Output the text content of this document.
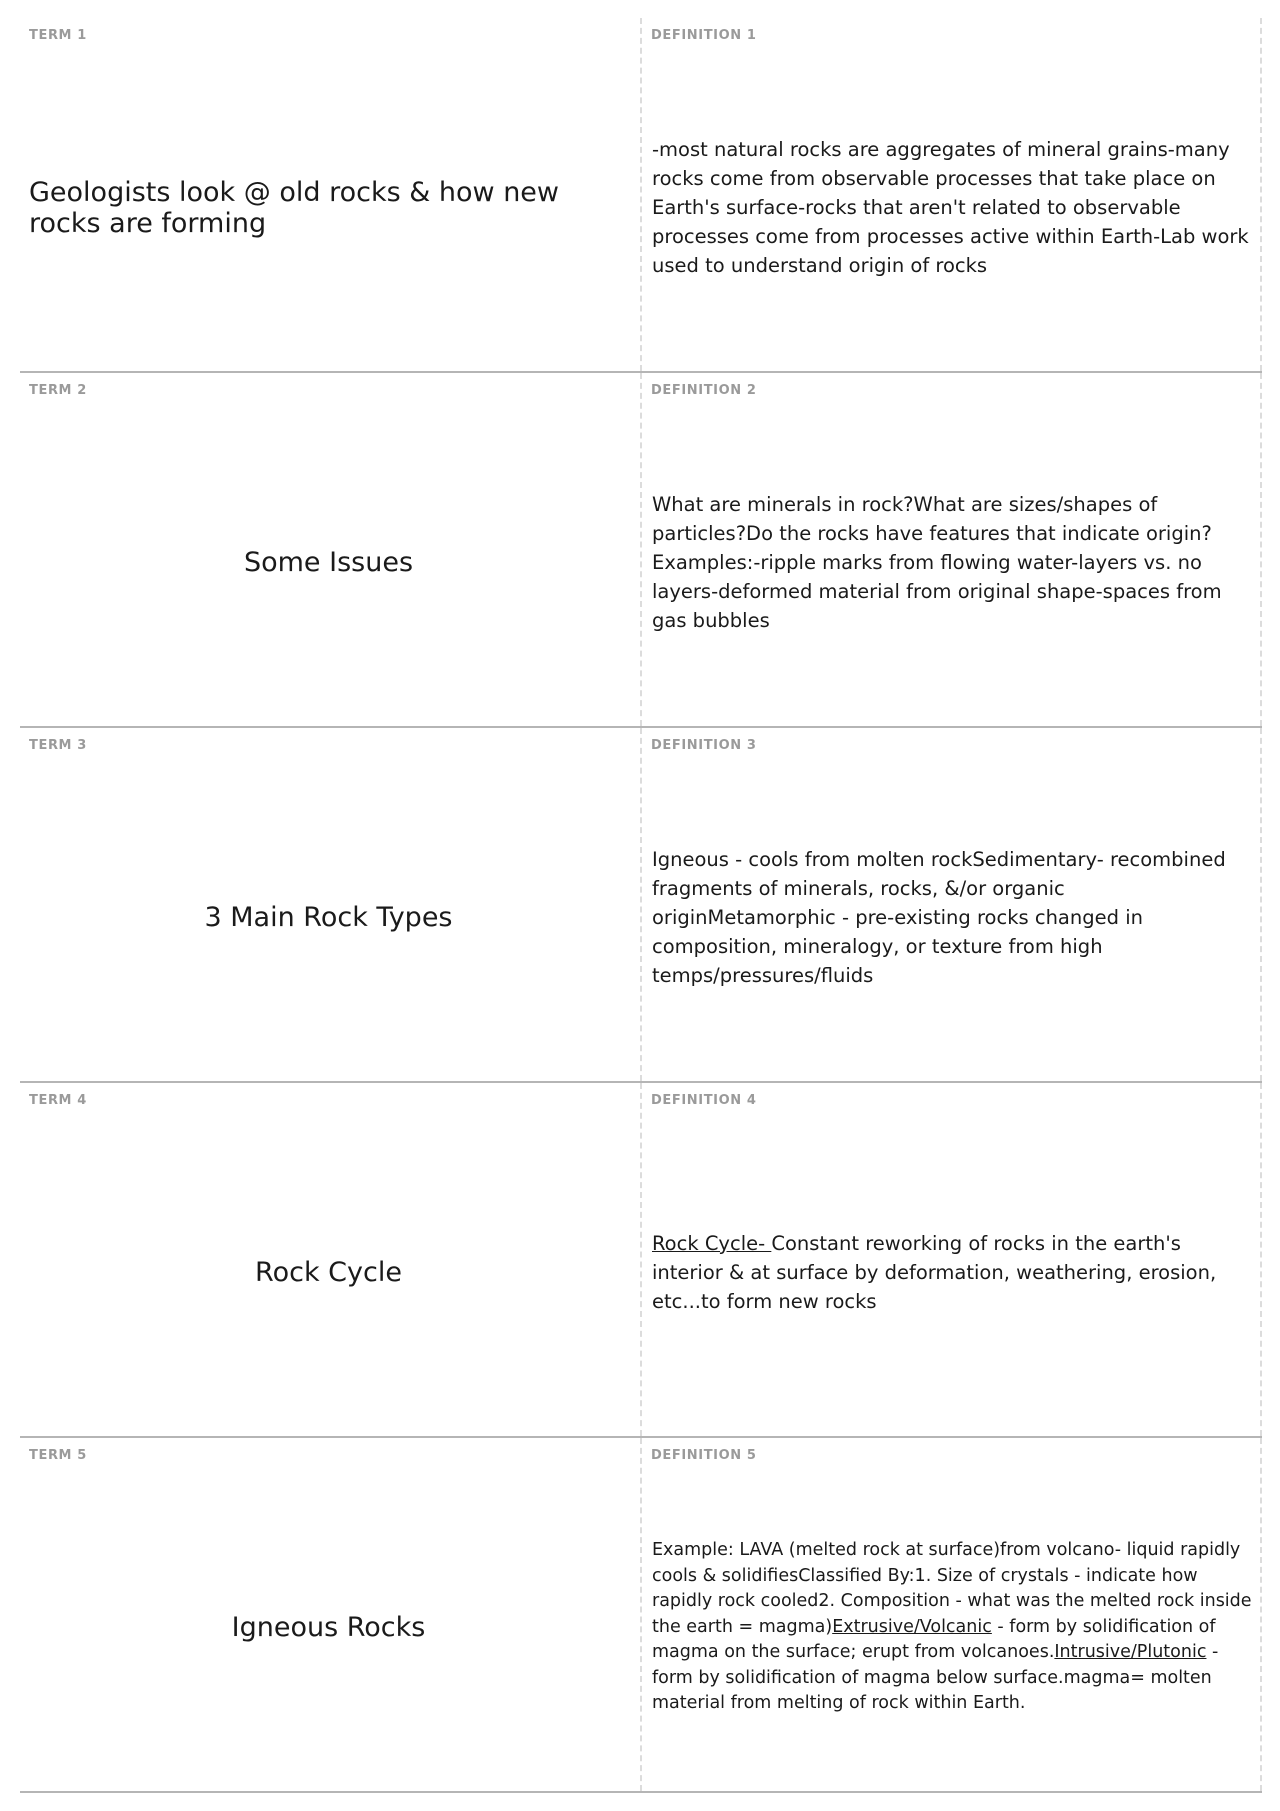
TERM 1
Geologists look @ old rocks & how new rocks are forming
DEFINITION 1
-most natural rocks are aggregates of mineral grains-many rocks come from observable processes that take place on Earth's surface-rocks that aren't related to observable processes come from processes active within Earth-Lab work used to understand origin of rocks
TERM 2
Some Issues
DEFINITION 2
What are minerals in rock?What are sizes/shapes of particles?Do the rocks have features that indicate origin? Examples:-ripple marks from flowing water-layers vs. no layers-deformed material from original shape-spaces from gas bubbles
TERM 3
3 Main Rock Types
DEFINITION 3
Igneous - cools from molten rockSedimentary- recombined fragments of minerals, rocks, &/or organic originMetamorphic - pre-existing rocks changed in composition, mineralogy, or texture from high temps/pressures/fluids
TERM 4
Rock Cycle
DEFINITION 4
Rock Cycle- Constant reworking of rocks in the earth's interior & at surface by deformation, weathering, erosion, etc...to form new rocks
TERM 5
Igneous Rocks
DEFINITION 5
Example: LAVA (melted rock at surface)from volcano- liquid rapidly cools & solidifiesClassified By:1. Size of crystals - indicate how rapidly rock cooled2. Composition - what was the melted rock inside the earth = magma)Extrusive/Volcanic - form by solidification of magma on the surface; erupt from volcanoes.Intrusive/Plutonic - form by solidification of magma below surface.magma= molten material from melting of rock within Earth.
